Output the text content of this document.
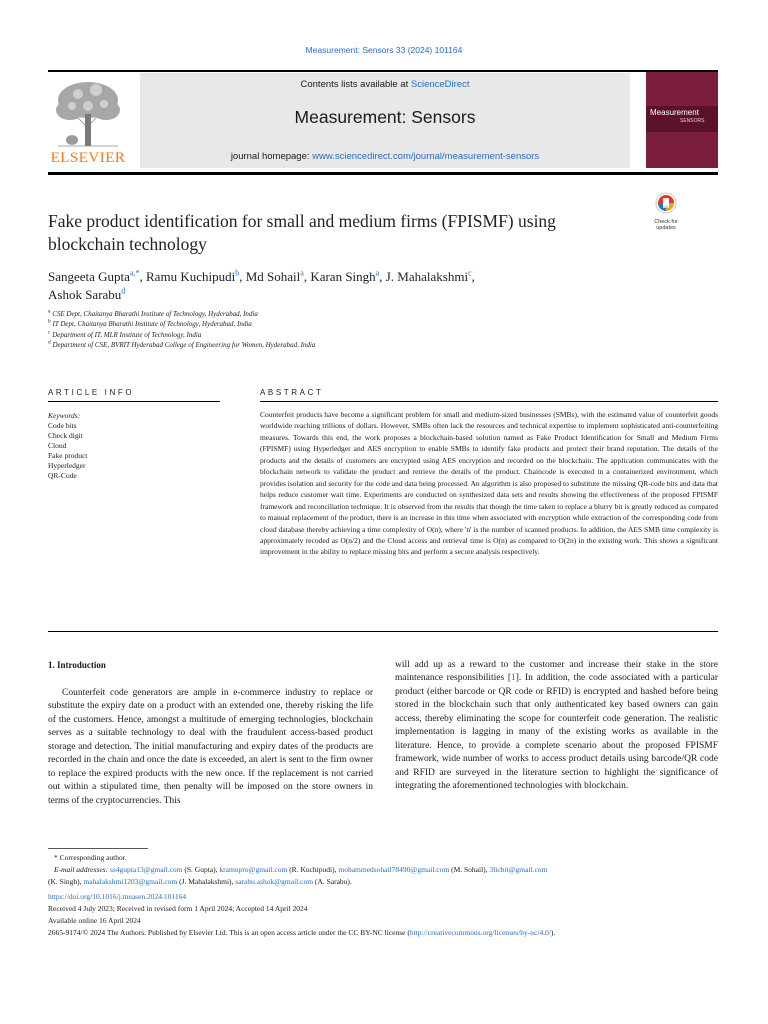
Measurement: Sensors 33 (2024) 101164
ELSEVIER
Contents lists available at ScienceDirect
Measurement: Sensors
journal homepage: www.sciencedirect.com/journal/measurement-sensors
Measurement
SENSORS
Fake product identification for small and medium firms (FPISMF) using blockchain technology
Check for
updates
Sangeeta Gupta$^{a,*}$, Ramu Kuchipudi$^b$, Md Sohail$^a$, Karan Singh$^a$, J. Mahalakshmi$^c$,
Ashok Sarabu$^d$
$^a$ CSE Dept, Chaitanya Bharathi Institute of Technology, Hyderabad, India
$^b$ IT Dept, Chaitanya Bharathi Institute of Technology, Hyderabad, India
$^c$ Department of IT, MLR Institute of Technology, India
$^d$ Department of CSE, BVRIT Hyderabad College of Engineering for Women, Hyderabad, India
ARTICLE INFO	ABSTRACT
Keywords:
Code bits
Check digit
Cloud
Fake product
Hyperledger
QR-Code
Counterfeit products have become a significant problem for small and medium-sized businesses (SMBs), with the estimated value of counterfeit goods worldwide reaching trillions of dollars. However, SMBs often lack the resources and technical expertise to implement sophisticated anti-counterfeiting measures. Towards this end, the work proposes a blockchain-based solution named as Fake Product Identification for Small and Medium Firms (FPISMF) using Hyperledger and AES encryption to enable SMBs to identify fake products and protect their brand reputation. The details of the products and the details of customers are encrypted using AES encryption and recorded on the blockchain. The application communicates with the blockchain network to validate the product and retrieve the details of the product. Chaincode is executed in a containerized environment, which provides isolation and security for the code and data being processed. An algorithm is also proposed to substitute the missing QR-code bits and data that helps reduce customer wait time. Experiments are conducted on synthesized data sets and results showing the effectiveness of the proposed FPISMF framework and reconciliation technique. It is observed from the results that though the time taken to replace a blurry bit is greatly reduced as compared to manual replacement of the product, there is an increase in this time when associated with encryption while extraction of the corresponding code from cloud database thereby achieving a time complexity of O(n), where 'n' is the number of scanned products. In addition, the AES SMB time complexity is approximately recoded as O(n/2) and the Cloud access and retrieval time is O(n) as compared to O(2n) in the existing work. This shows a significant improvement in the ability to replace missing bits and perform a secure analysis respectively.
1. Introduction

Counterfeit code generators are ample in e-commerce industry to replace or substitute the expiry date on a product with an extended one, thereby risking the life of the customers. Hence, amongst a multitude of emerging technologies, blockchain serves as a suitable technology to deal with the fraudulent access-based product storage and detection. The initial manufacturing and expiry dates of the products are recorded in the chain and once the date is exceeded, an alert is sent to the firm owner to replace the expired products with the new once. If the replacement is not carried out within a stipulated time, then penalty will be imposed on the store owners in terms of the cryptocurrencies. This

will add up as a reward to the customer and increase their stake in the store maintenance responsibilities [1]. In addition, the code associated with a particular product (either barcode or QR code or RFID) is encrypted and hashed before being stored in the blockchain such that only authenticated key based owners can gain access, thereby eliminating the scope for counterfeit code generation. The realistic implementation is lagging in many of the existing works as available in the literature. Hence, to provide a complete scenario about the proposed FPISMF framework, wide number of works to access product details using barcode/QR code and RFID are surveyed in the literature section to highlight the significance of integrating the aforementioned technologies with blockchain.

* Corresponding author.
E-mail addresses: ss4gupta13@gmail.com (S. Gupta), kramupro@gmail.com (R. Kuchipudi), mohammedsohail78490@gmail.com (M. Sohail), 3licbit@gmail.com
(K. Singh), mahalakshmi1203@gmail.com (J. Mahalakshmi), sarabu.ashok@gmail.com (A. Sarabu).
https://doi.org/10.1016/j.measen.2024.101164
Received 4 July 2023; Received in revised form 1 April 2024; Accepted 14 April 2024
Available online 16 April 2024
2665-9174/© 2024 The Authors. Published by Elsevier Ltd. This is an open access article under the CC BY-NC license (http://creativecommons.org/licenses/by-nc/4.0/).
